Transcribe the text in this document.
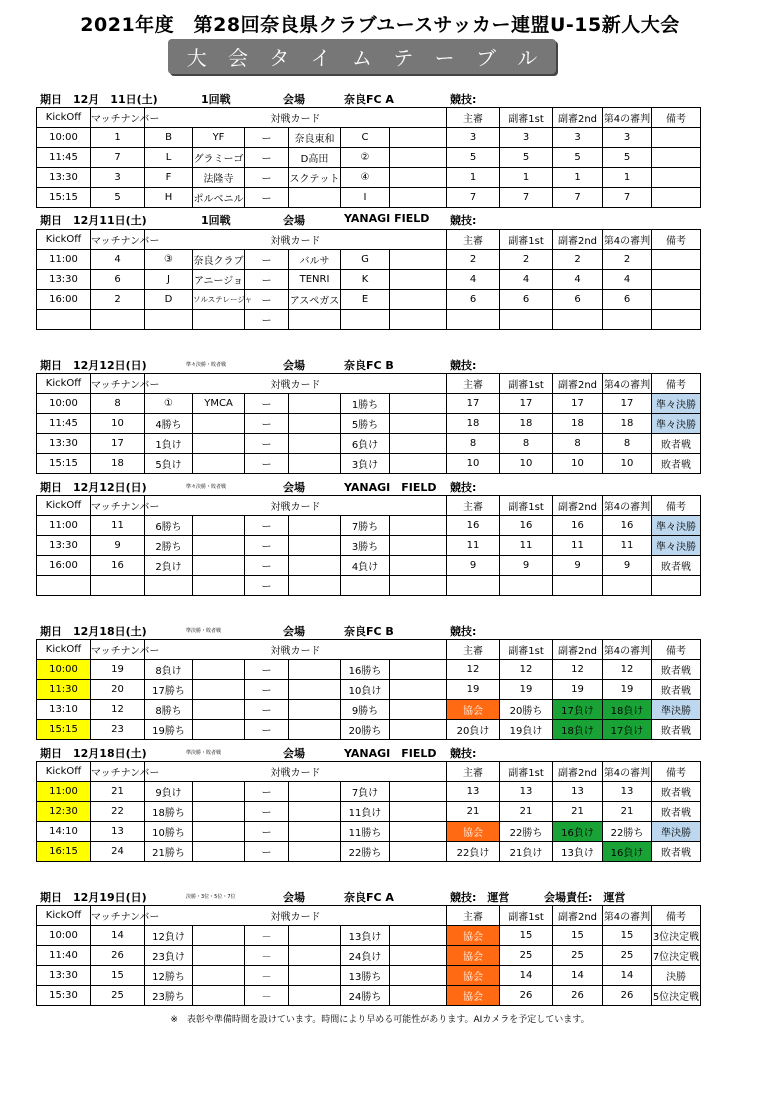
2021年度　第28回奈良県クラブユースサッカー連盟U-15新人大会
大 会 タ イ ム テ ー ブ ル
期日　12月　11日(土)	1回戦	会場	奈良FC A	競技:
KickOff	マッチナンバー	対戦カード						主審	副審1st	副審2nd	第4の審判	備考
10:00	1	B	YF	ー	奈良東和	C		3	3	3	3	
11:45	7	L	グラミーゴ	ー	D高田	②		5	5	5	5	
13:30	3	F	法隆寺	ー	スクテット	④		1	1	1	1	
15:15	5	H	ポルベニル	ー		I		7	7	7	7	
期日　12月11日(土)	1回戦	会場	YANAGI FIELD 競技:
KickOff	マッチナンバー	対戦カード						主審	副審1st	副審2nd	第4の審判	備考
11:00	4	③	奈良クラブ	ー	バルサ	G		2	2	2	2	
13:30	6	J	アニージョ	ー	TENRI	K		4	4	4	4	
16:00	2	D	ソルステレージャ	ー	アスペガス	E		6	6	6	6	
				ー								
期日　12月12日(日)	会場	奈良FC B	競技:
準々決勝・敗者戦
KickOff	マッチナンバー	対戦カード						主審	副審1st	副審2nd	第4の審判	備考
10:00	8	①	YMCA	ー		1勝ち		17	17	17	17	準々決勝
11:45	10	4勝ち		ー		5勝ち		18	18	18	18	準々決勝
13:30	17	1負け		ー		6負け		8	8	8	8	敗者戦
15:15	18	5負け		ー		3負け		10	10	10	10	敗者戦
期日　12月12日(日)	会場	YANAGI　FIELD 競技:
準々決勝・敗者戦
KickOff	マッチナンバー	対戦カード						主審	副審1st	副審2nd	第4の審判	備考
11:00	11	6勝ち		ー		7勝ち		16	16	16	16	準々決勝
13:30	9	2勝ち		ー		3勝ち		11	11	11	11	準々決勝
16:00	16	2負け		ー		4負け		9	9	9	9	敗者戦
				ー								
期日　12月18日(土)	会場	奈良FC B	競技:
準決勝・敗者戦
KickOff	マッチナンバー	対戦カード						主審	副審1st	副審2nd	第4の審判	備考
10:00	19	8負け		ー		16勝ち		12	12	12	12	敗者戦
11:30	20	17勝ち		ー		10負け		19	19	19	19	敗者戦
13:10	12	8勝ち		ー		9勝ち		協会	20勝ち	17負け	18負け	準決勝
15:15	23	19勝ち		ー		20勝ち		20負け	19負け	18負け	17負け	敗者戦
期日　12月18日(土)	会場	YANAGI　FIELD 競技:
準決勝・敗者戦
KickOff	マッチナンバー	対戦カード						主審	副審1st	副審2nd	第4の審判	備考
11:00	21	9負け		ー		7負け		13	13	13	13	敗者戦
12:30	22	18勝ち		ー		11負け		21	21	21	21	敗者戦
14:10	13	10勝ち		ー		11勝ち		協会	22勝ち	16負け	22勝ち	準決勝
16:15	24	21勝ち		ー		22勝ち		22負け	21負け	13負け	16負け	敗者戦
期日　12月19日(日)	会場	奈良FC A	競技:　運営
決勝・3位・5位・7位	会場責任:　運営
KickOff	マッチナンバー	対戦カード						主審	副審1st	副審2nd	第4の審判	備考
10:00	14	12負け		－		13負け		協会	15	15	15	3位決定戦
11:40	26	23負け		－		24負け		協会	25	25	25	7位決定戦
13:30	15	12勝ち		－		13勝ち		協会	14	14	14	決勝
15:30	25	23勝ち		－		24勝ち		協会	26	26	26	5位決定戦
※　表彰や準備時間を設けています。時間により早める可能性があります。AIカメラを予定しています。
